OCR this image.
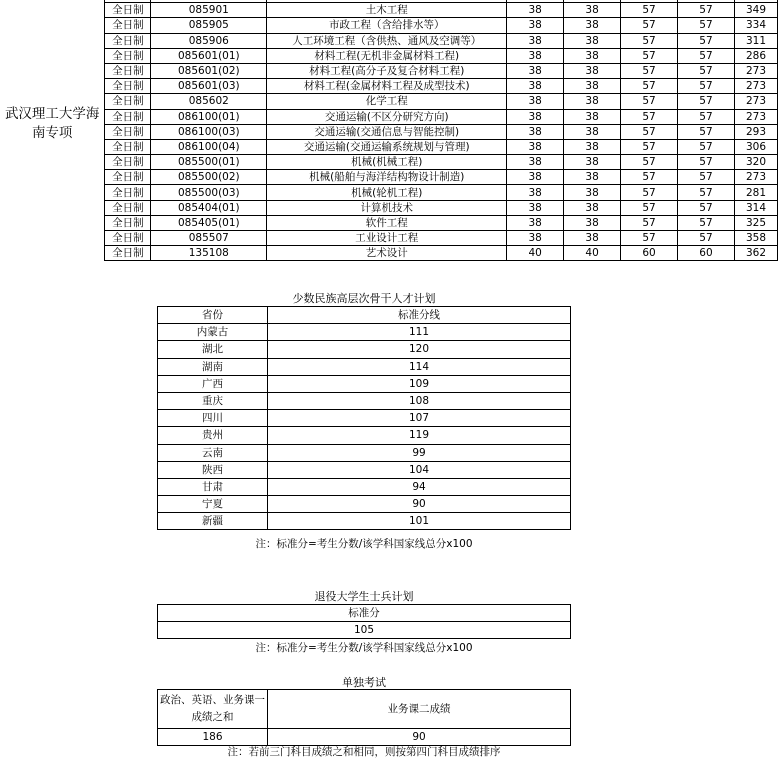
武汉理工大学海南专项								
	全日制	085901	土木工程	38	38	57	57	349
	全日制	085905	市政工程（含给排水等）	38	38	57	57	334
	全日制	085906	人工环境工程（含供热、通风及空调等）	38	38	57	57	311
	全日制	085601(01)	材料工程(无机非金属材料工程)	38	38	57	57	286
	全日制	085601(02)	材料工程(高分子及复合材料工程)	38	38	57	57	273
	全日制	085601(03)	材料工程(金属材料工程及成型技术)	38	38	57	57	273
	全日制	085602	化学工程	38	38	57	57	273
	全日制	086100(01)	交通运输(不区分研究方向)	38	38	57	57	273
	全日制	086100(03)	交通运输(交通信息与智能控制)	38	38	57	57	293
	全日制	086100(04)	交通运输(交通运输系统规划与管理)	38	38	57	57	306
	全日制	085500(01)	机械(机械工程)	38	38	57	57	320
	全日制	085500(02)	机械(船舶与海洋结构物设计制造)	38	38	57	57	273
	全日制	085500(03)	机械(轮机工程)	38	38	57	57	281
	全日制	085404(01)	计算机技术	38	38	57	57	314
	全日制	085405(01)	软件工程	38	38	57	57	325
	全日制	085507	工业设计工程	38	38	57	57	358
	全日制	135108	艺术设计	40	40	60	60	362
少数民族高层次骨干人才计划
省份	标准分线
内蒙古	111
湖北	120
湖南	114
广西	109
重庆	108
四川	107
贵州	119
云南	99
陕西	104
甘肃	94
宁夏	90
新疆	101
注：标准分=考生分数/该学科国家线总分x100
退役大学生士兵计划
标准分
105
注：标准分=考生分数/该学科国家线总分x100
单独考试
政治、英语、业务课一成绩之和	业务课二成绩
186	90
注：若前三门科目成绩之和相同，则按第四门科目成绩排序
